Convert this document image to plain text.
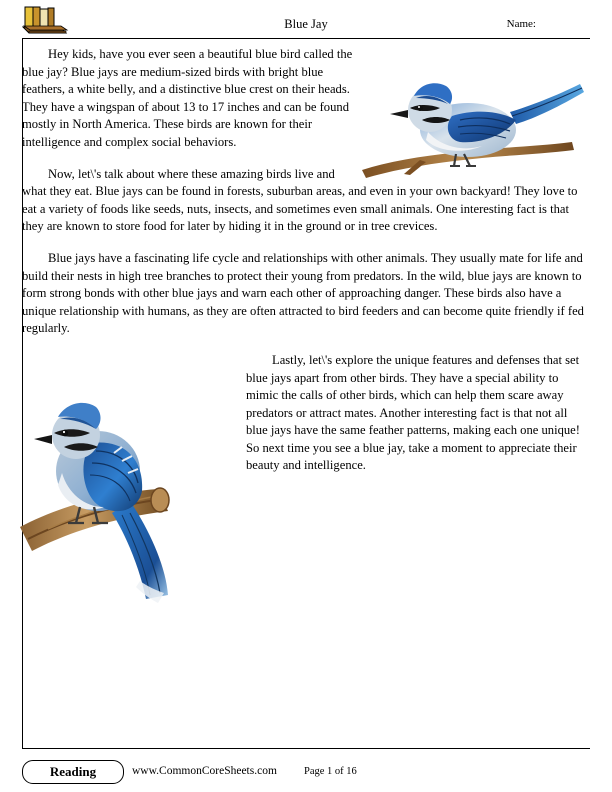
Blue Jay	Name:

Hey kids, have you ever seen a beautiful blue bird called the blue jay? Blue jays are medium-sized birds with bright blue feathers, a white belly, and a distinctive blue crest on their heads. They have a wingspan of about 13 to 17 inches and can be found mostly in North America. These birds are known for their intelligence and complex social behaviors.

Now, let\'s talk about where these amazing birds live and what they eat. Blue jays can be found in forests, suburban areas, and even in your own backyard! They love to eat a variety of foods like seeds, nuts, insects, and sometimes even small animals. One interesting fact is that they are known to store food for later by hiding it in the ground or in tree crevices.

Blue jays have a fascinating life cycle and relationships with other animals. They usually mate for life and build their nests in high tree branches to protect their young from predators. In the wild, blue jays are known to form strong bonds with other blue jays and warn each other of approaching danger. These birds also have a unique relationship with humans, as they are often attracted to bird feeders and can become quite friendly if fed regularly.

Lastly, let\'s explore the unique features and defenses that set blue jays apart from other birds. They have a special ability to mimic the calls of other birds, which can help them scare away predators or attract mates. Another interesting fact is that not all blue jays have the same feather patterns, making each one unique! So next time you see a blue jay, take a moment to appreciate their beauty and intelligence.

Reading	www.CommonCoreSheets.com	Page 1 of 16
